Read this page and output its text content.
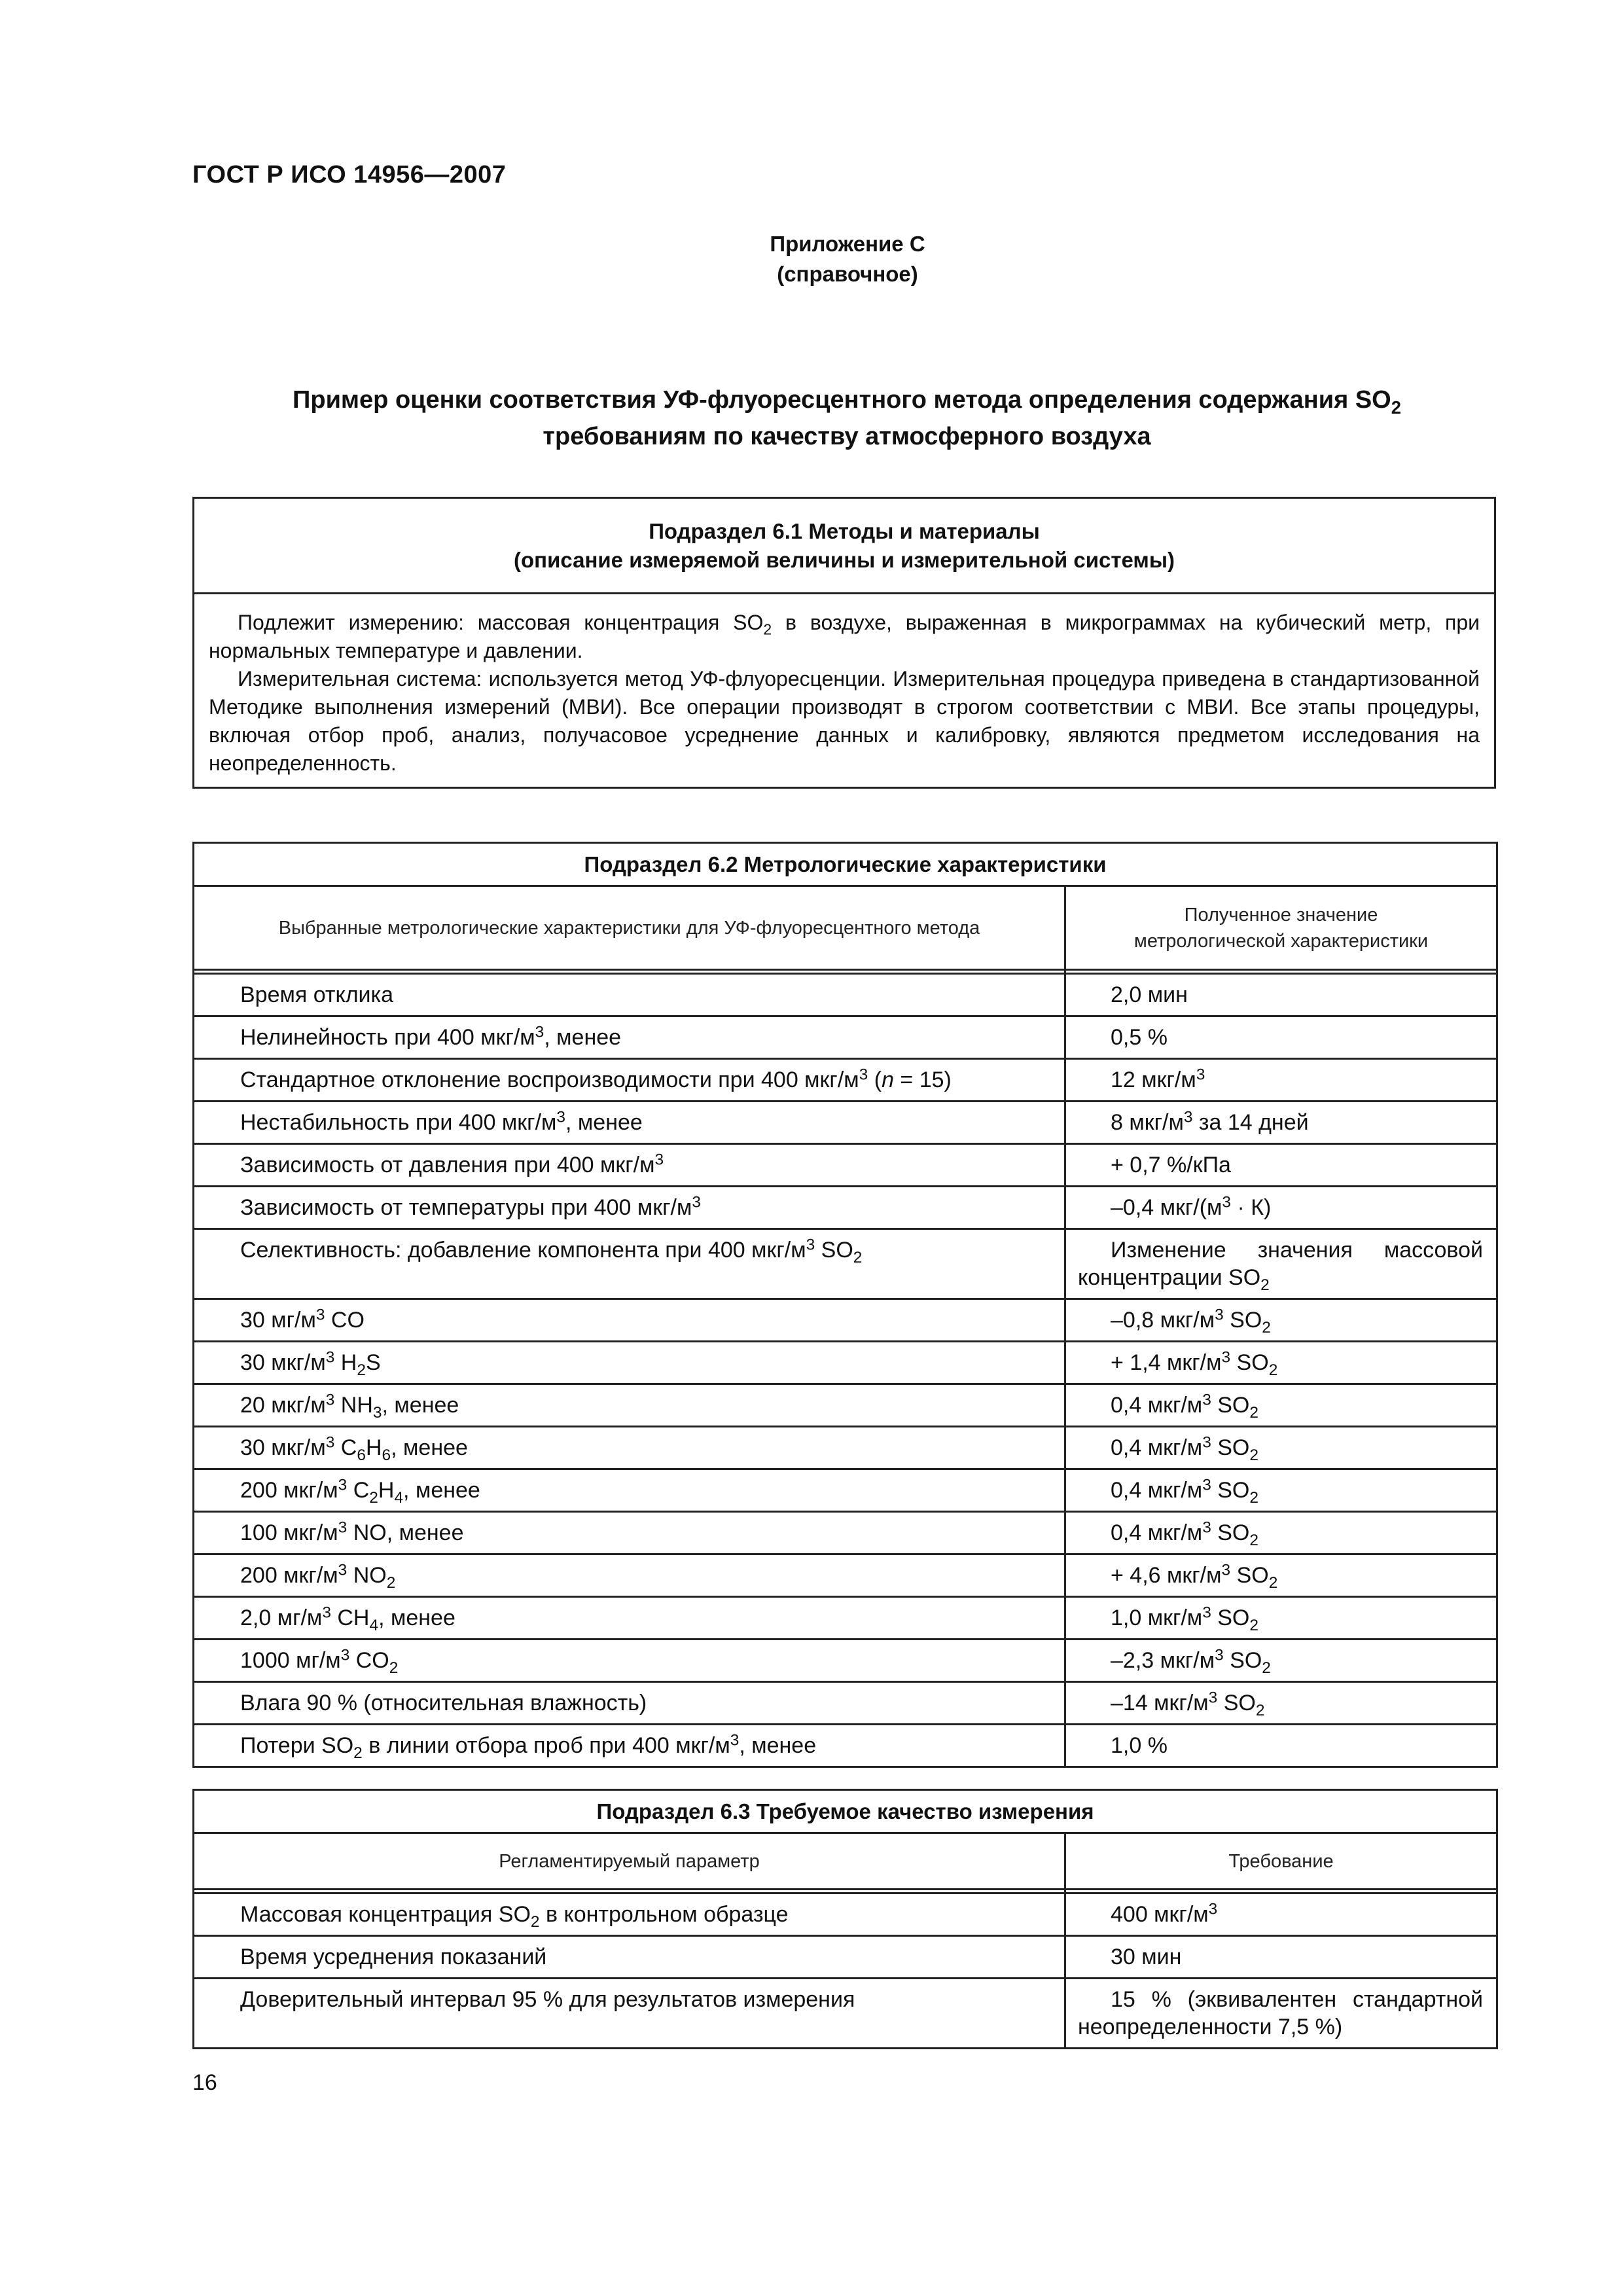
ГОСТ Р ИСО 14956—2007
Приложение С
(справочное)
Пример оценки соответствия УФ-флуоресцентного метода определения содержания $SO_2$
требованиям по качеству атмосферного воздуха
Подраздел 6.1 Методы и материалы
(описание измеряемой величины и измерительной системы)

Подлежит измерению: массовая концентрация $SO_2$ в воздухе, выраженная в микрограммах на кубический метр, при нормальных температуре и давлении.

Измерительная система: используется метод УФ-флуоресценции. Измерительная процедура приведена в стандартизованной Методике выполнения измерений (МВИ). Все операции производят в строгом соответствии с МВИ. Все этапы процедуры, включая отбор проб, анализ, получасовое усреднение данных и калибровку, являются предметом исследования на неопределенность.

Подраздел 6.2 Метрологические характеристики	
Выбранные метрологические характеристики для УФ-флуоресцентного метода	Полученное значение
метрологической характеристики

Время отклика	2,0 мин
Нелинейность при 400 мкг/$м^3$, менее	0,5 %
Стандартное отклонение воспроизводимости при 400 мкг/$м^3$ (n = 15)	12 мкг/$м^3$
Нестабильность при 400 мкг/$м^3$, менее	8 мкг/$м^3$ за 14 дней
Зависимость от давления при 400 мкг/$м^3$	+ 0,7 %/кПа
Зависимость от температуры при 400 мкг/$м^3$	–0,4 мкг/$(м^3 \cdot К)$
Селективность: добавление компонента при 400 мкг/$м^3$ $SO_2$	Изменение значения массовой концентрации $SO_2$
30 $мг/м^3$ CO	–0,8 мкг/$м^3$ $SO_2$
30 мкг/$м^3$ $H_2S$	+ 1,4 мкг/$м^3$ $SO_2$
20 мкг/$м^3$ $NH_3$, менее	0,4 мкг/$м^3$ $SO_2$
30 мкг/$м^3$ $C_6H_6$, менее	0,4 мкг/$м^3$ $SO_2$
200 мкг/$м^3$ $C_2H_4$, менее	0,4 мкг/$м^3$ $SO_2$
100 мкг/$м^3$ NO, менее	0,4 мкг/$м^3$ $SO_2$
200 мкг/$м^3$ $NO_2$	+ 4,6 мкг/$м^3$ $SO_2$
2,0 $мг/м^3$ $CH_4$, менее	1,0 мкг/$м^3$ $SO_2$
1000 $мг/м^3$ $CO_2$	–2,3 мкг/$м^3$ $SO_2$
Влага 90 % (относительная влажность)	–14 мкг/$м^3$ $SO_2$
Потери $SO_2$ в линии отбора проб при 400 мкг/$м^3$, менее	1,0 %
Подраздел 6.3 Требуемое качество измерения	
Регламентируемый параметр	Требование

Массовая концентрация $SO_2$ в контрольном образце	400 мкг/$м^3$
Время усреднения показаний	30 мин
Доверительный интервал 95 % для результатов измерения	15 % (эквивалентен стандартной неопределенности 7,5 %)
16
